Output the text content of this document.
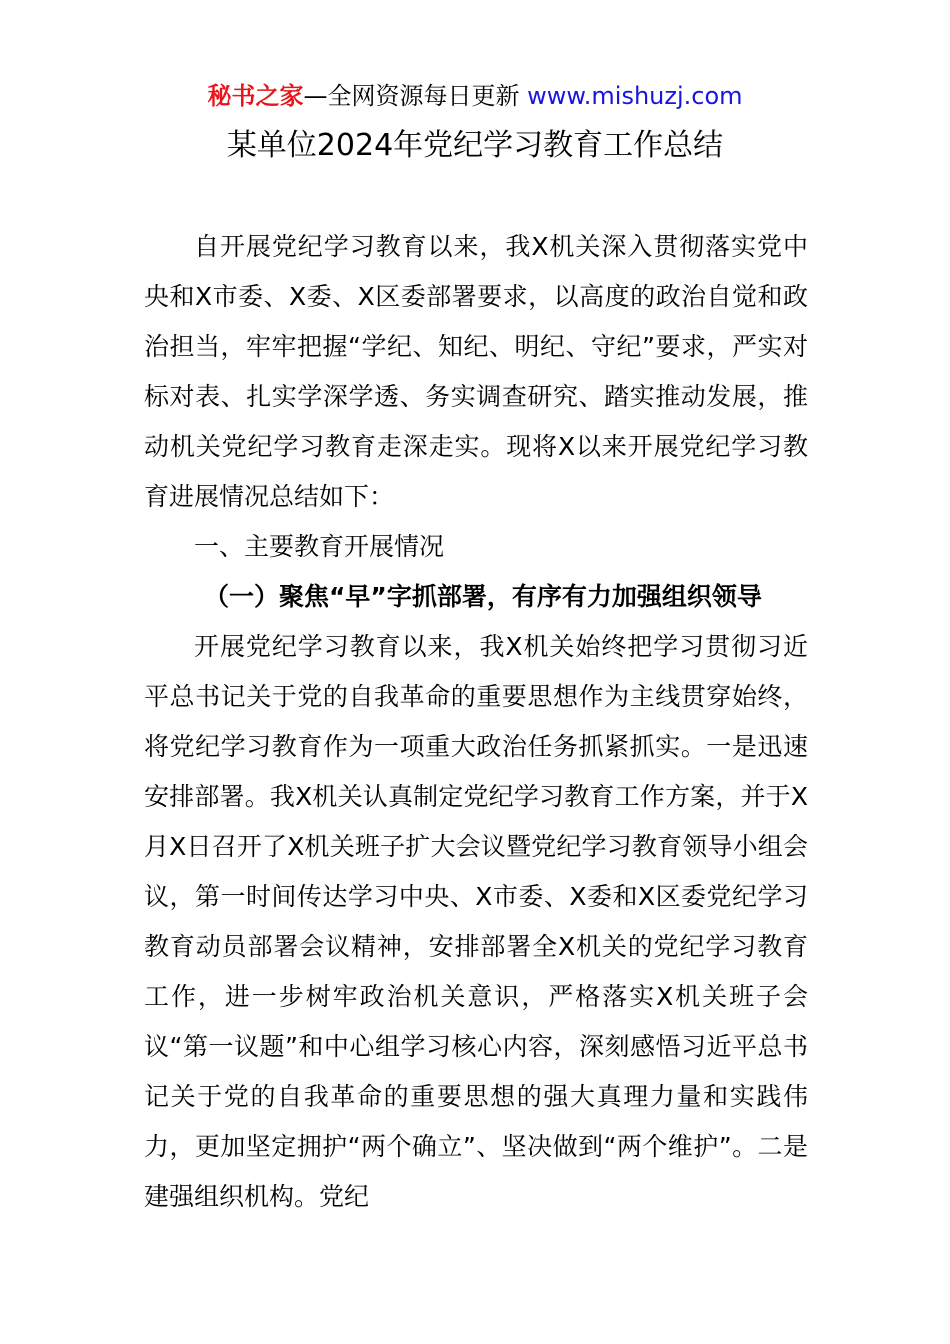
秘书之家—全网资源每日更新 www.mishuzj.com
某单位2024年党纪学习教育工作总结

自开展党纪学习教育以来，我X机关深入贯彻落实党中央和X市委、X委、X区委部署要求，以高度的政治自觉和政治担当，牢牢把握“学纪、知纪、明纪、守纪”要求，严实对标对表、扎实学深学透、务实调查研究、踏实推动发展，推动机关党纪学习教育走深走实。现将X以来开展党纪学习教育进展情况总结如下：

一、主要教育开展情况

（一）聚焦“早”字抓部署，有序有力加强组织领导

开展党纪学习教育以来，我X机关始终把学习贯彻习近平总书记关于党的自我革命的重要思想作为主线贯穿始终，将党纪学习教育作为一项重大政治任务抓紧抓实。一是迅速安排部署。我X机关认真制定党纪学习教育工作方案，并于X月X日召开了X机关班子扩大会议暨党纪学习教育领导小组会议，第一时间传达学习中央、X市委、X委和X区委党纪学习教育动员部署会议精神，安排部署全X机关的党纪学习教育工作，进一步树牢政治机关意识，严格落实X机关班子会议“第一议题”和中心组学习核心内容，深刻感悟习近平总书记关于党的自我革命的重要思想的强大真理力量和实践伟力，更加坚定拥护“两个确立”、坚决做到“两个维护”。二是建强组织机构。党纪
